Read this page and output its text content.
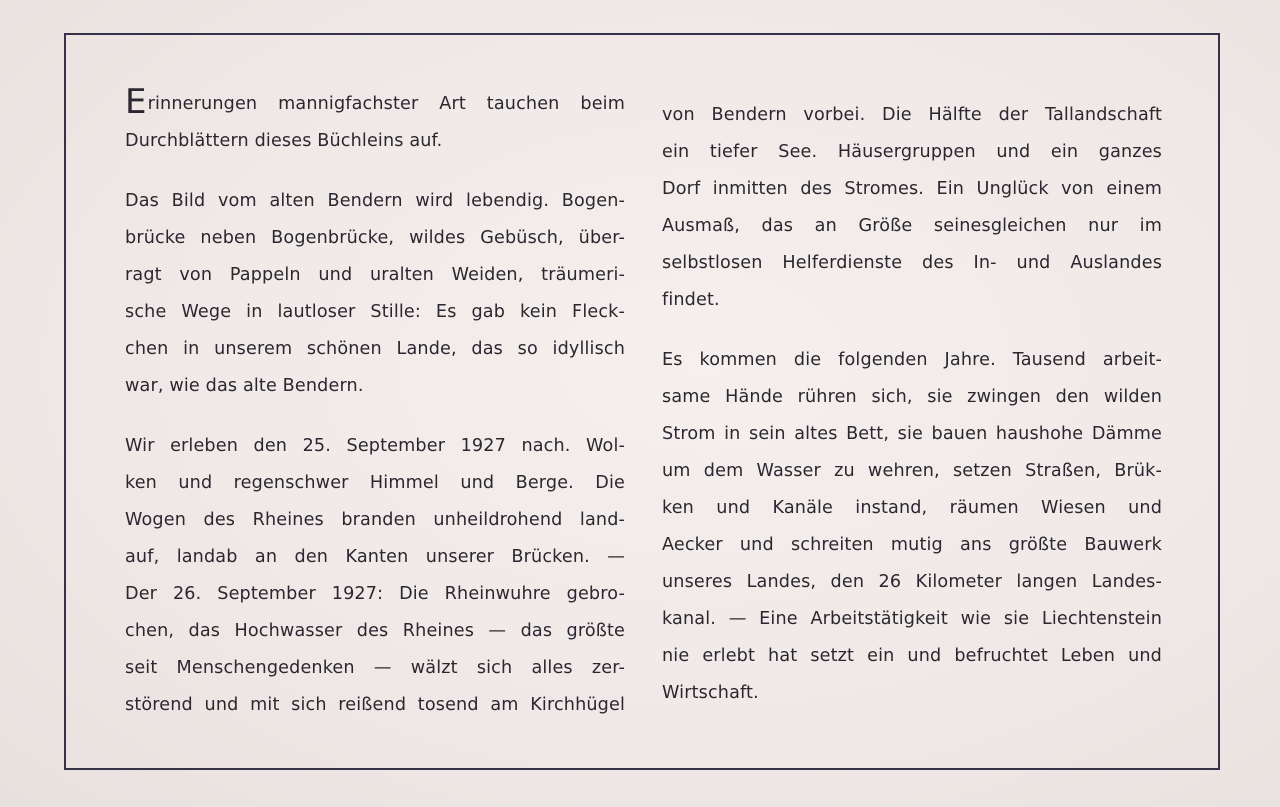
Erinnerungen mannigfachster Art tauchen beim
Durchblättern dieses Büchleins auf.

Das Bild vom alten Bendern wird lebendig. Bogen-
brücke neben Bogenbrücke, wildes Gebüsch, über-
ragt von Pappeln und uralten Weiden, träumeri-
sche Wege in lautloser Stille: Es gab kein Fleck-
chen in unserem schönen Lande, das so idyllisch
war, wie das alte Bendern.

Wir erleben den 25. September 1927 nach. Wol-
ken und regenschwer Himmel und Berge. Die
Wogen des Rheines branden unheildrohend land-
auf, landab an den Kanten unserer Brücken. —
Der 26. September 1927: Die Rheinwuhre gebro-
chen, das Hochwasser des Rheines — das größte
seit Menschengedenken — wälzt sich alles zer-
störend und mit sich reißend tosend am Kirchhügel

von Bendern vorbei. Die Hälfte der Tallandschaft
ein tiefer See. Häusergruppen und ein ganzes
Dorf inmitten des Stromes. Ein Unglück von einem
Ausmaß, das an Größe seinesgleichen nur im
selbstlosen Helferdienste des In- und Auslandes
findet.

Es kommen die folgenden Jahre. Tausend arbeit-
same Hände rühren sich, sie zwingen den wilden
Strom in sein altes Bett, sie bauen haushohe Dämme
um dem Wasser zu wehren, setzen Straßen, Brük-
ken und Kanäle instand, räumen Wiesen und
Aecker und schreiten mutig ans größte Bauwerk
unseres Landes, den 26 Kilometer langen Landes-
kanal. — Eine Arbeitstätigkeit wie sie Liechtenstein
nie erlebt hat setzt ein und befruchtet Leben und
Wirtschaft.
